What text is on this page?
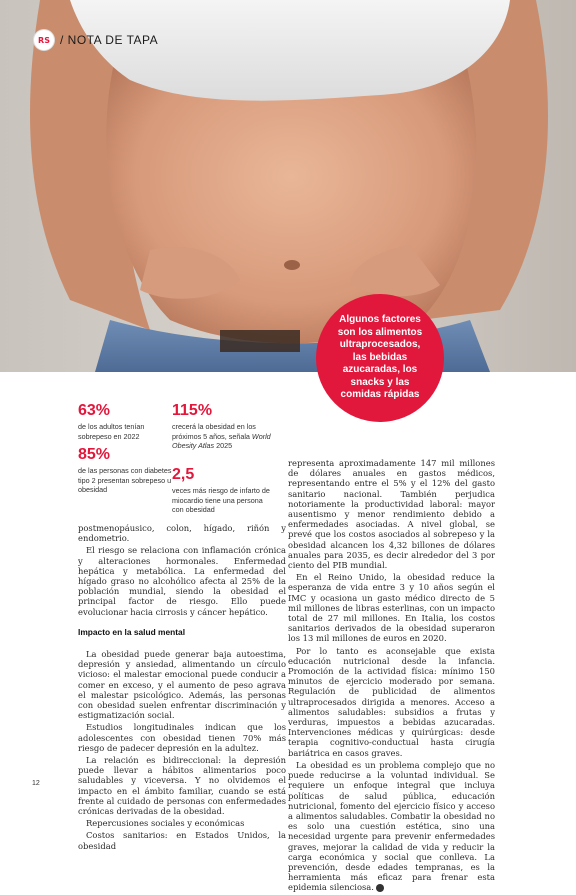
RS / NOTA DE TAPA
Algunos factores son los alimentos ultraprocesados, las bebidas azucaradas, los snacks y las comidas rápidas
63%
de los adultos tenían sobrepeso en 2022
85%
de las personas con diabetes tipo 2 presentan sobrepeso u obesidad
115%
crecerá la obesidad en los próximos 5 años, señala World Obesity Atlas 2025
2,5
veces más riesgo de infarto de miocardio tiene una persona con obesidad

postmenopáusico, colon, hígado, riñón y endometrio.

El riesgo se relaciona con inflamación crónica y alteraciones hormonales. Enfermedad hepática y metabólica. La enfermedad del hígado graso no alcohólico afecta al 25% de la población mundial, siendo la obesidad el principal factor de riesgo. Ello puede evolucionar hacia cirrosis y cáncer hepático.

Impacto en la salud mental

La obesidad puede generar baja autoestima, depresión y ansiedad, alimentando un círculo vicioso: el malestar emocional puede conducir a comer en exceso, y el aumento de peso agrava el malestar psicológico. Además, las personas con obesidad suelen enfrentar discriminación y estigmatización social.

Estudios longitudinales indican que los adolescentes con obesidad tienen 70% más riesgo de padecer depresión en la adultez.

La relación es bidireccional: la depresión puede llevar a hábitos alimentarios poco saludables y viceversa. Y no olvidemos el impacto en el ámbito familiar, cuando se está frente al cuidado de personas con enfermedades crónicas derivadas de la obesidad.

Repercusiones sociales y económicas

Costos sanitarios: en Estados Unidos, la obesidad

representa aproximadamente 147 mil millones de dólares anuales en gastos médicos, representando entre el 5% y el 12% del gasto sanitario nacional. También perjudica notoriamente la productividad laboral: mayor ausentismo y menor rendimiento debido a enfermedades asociadas. A nivel global, se prevé que los costos asociados al sobrepeso y la obesidad alcancen los 4,32 billones de dólares anuales para 2035, es decir alrededor del 3 por ciento del PIB mundial.

En el Reino Unido, la obesidad reduce la esperanza de vida entre 3 y 10 años según el IMC y ocasiona un gasto médico directo de 5 mil millones de libras esterlinas, con un impacto total de 27 mil millones. En Italia, los costos sanitarios derivados de la obesidad superaron los 13 mil millones de euros en 2020.

Por lo tanto es aconsejable que exista educación nutricional desde la infancia. Promoción de la actividad física: mínimo 150 minutos de ejercicio moderado por semana. Regulación de publicidad de alimentos ultraprocesados dirigida a menores. Acceso a alimentos saludables: subsidios a frutas y verduras, impuestos a bebidas azucaradas. Intervenciones médicas y quirúrgicas: desde terapia cognitivo-conductual hasta cirugía bariátrica en casos graves.

La obesidad es un problema complejo que no puede reducirse a la voluntad individual. Se requiere un enfoque integral que incluya políticas de salud pública, educación nutricional, fomento del ejercicio físico y acceso a alimentos saludables. Combatir la obesidad no es solo una cuestión estética, sino una necesidad urgente para prevenir enfermedades graves, mejorar la calidad de vida y reducir la carga económica y social que conlleva. La prevención, desde edades tempranas, es la herramienta más eficaz para frenar esta epidemia silenciosa.

12
